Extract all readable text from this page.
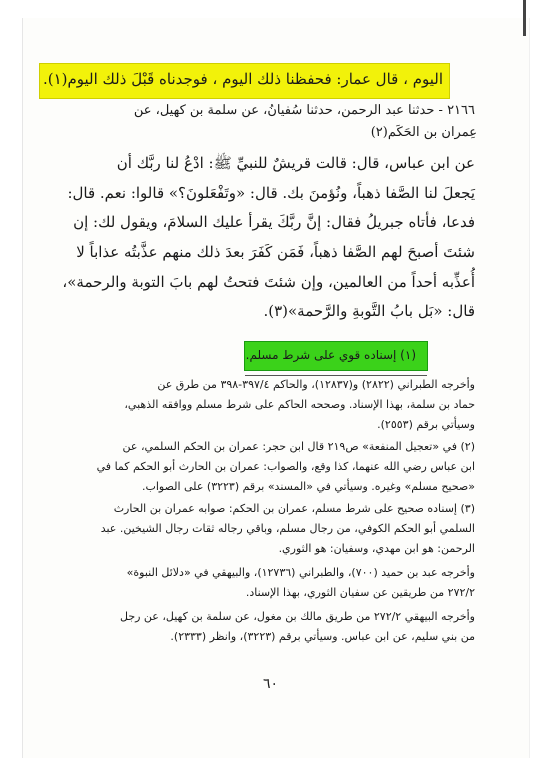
اليوم ، قال عمار: فحفظنا ذلك اليوم ، فوجدناه قَبْلَ ذلك اليوم(١).
٢١٦٦ - حدثنا عبد الرحمن، حدثنا سُفيانُ، عن سلمة بن كهيل، عن
عِمران بن الحَكَم(٢)
عن ابن عباس، قال: قالت قريشٌ للنبيِّ ﷺ: ادْعُ لنا ربَّك أن
يَجعلَ لنا الصَّفا ذهباً، ونُؤمنَ بك. قال: «وتَفْعَلونَ؟» قالوا: نعم. قال:
فدعا، فأتاه جبريلُ فقال: إنَّ ربَّكَ يقرأ عليك السلامَ، ويقول لك: إن
شئتَ أصبحَ لهم الصَّفا ذهباً، فَمَن كَفَرَ بعدَ ذلك منهم عذَّبتُه عذاباً لا
أُعذِّبه أحداً من العالمين، وإن شئتَ فتحتُ لهم بابَ التوبة والرحمة»،
قال: «بَل بابُ التَّوبةِ والرَّحمة»(٣).
(١) إسناده قوي على شرط مسلم.
وأخرجه الطبراني (٢٨٢٢) و(١٢٨٣٧)، والحاكم ٣٩٧/٤-٣٩٨ من طرق عن
حماد بن سلمة، بهذا الإسناد. وصححه الحاكم على شرط مسلم ووافقه الذهبي،
وسيأتي برقم (٢٥٥٣).
(٢) في «تعجيل المنفعة» ص٢١٩ قال ابن حجر: عمران بن الحكم السلمي، عن
ابن عباس رضي الله عنهما، كذا وقع، والصواب: عمران بن الحارث أبو الحكم كما في
«صحيح مسلم» وغيره. وسيأتي في «المسند» برقم (٣٢٢٣) على الصواب.
(٣) إسناده صحيح على شرط مسلم، عمران بن الحكم: صوابه عمران بن الحارث
السلمي أبو الحكم الكوفي، من رجال مسلم، وباقي رجاله ثقات رجال الشيخين. عبد
الرحمن: هو ابن مهدي، وسفيان: هو الثوري.
وأخرجه عبد بن حميد (٧٠٠)، والطبراني (١٢٧٣٦)، والبيهقي في «دلائل النبوة»
٢٧٢/٢ من طريقين عن سفيان الثوري، بهذا الإسناد.
وأخرجه البيهقي ٢٧٢/٢ من طريق مالك بن مغول، عن سلمة بن كهيل، عن رجل
من بني سليم، عن ابن عباس. وسيأتي برقم (٣٢٢٣)، وانظر (٢٣٣٣).
٦٠
